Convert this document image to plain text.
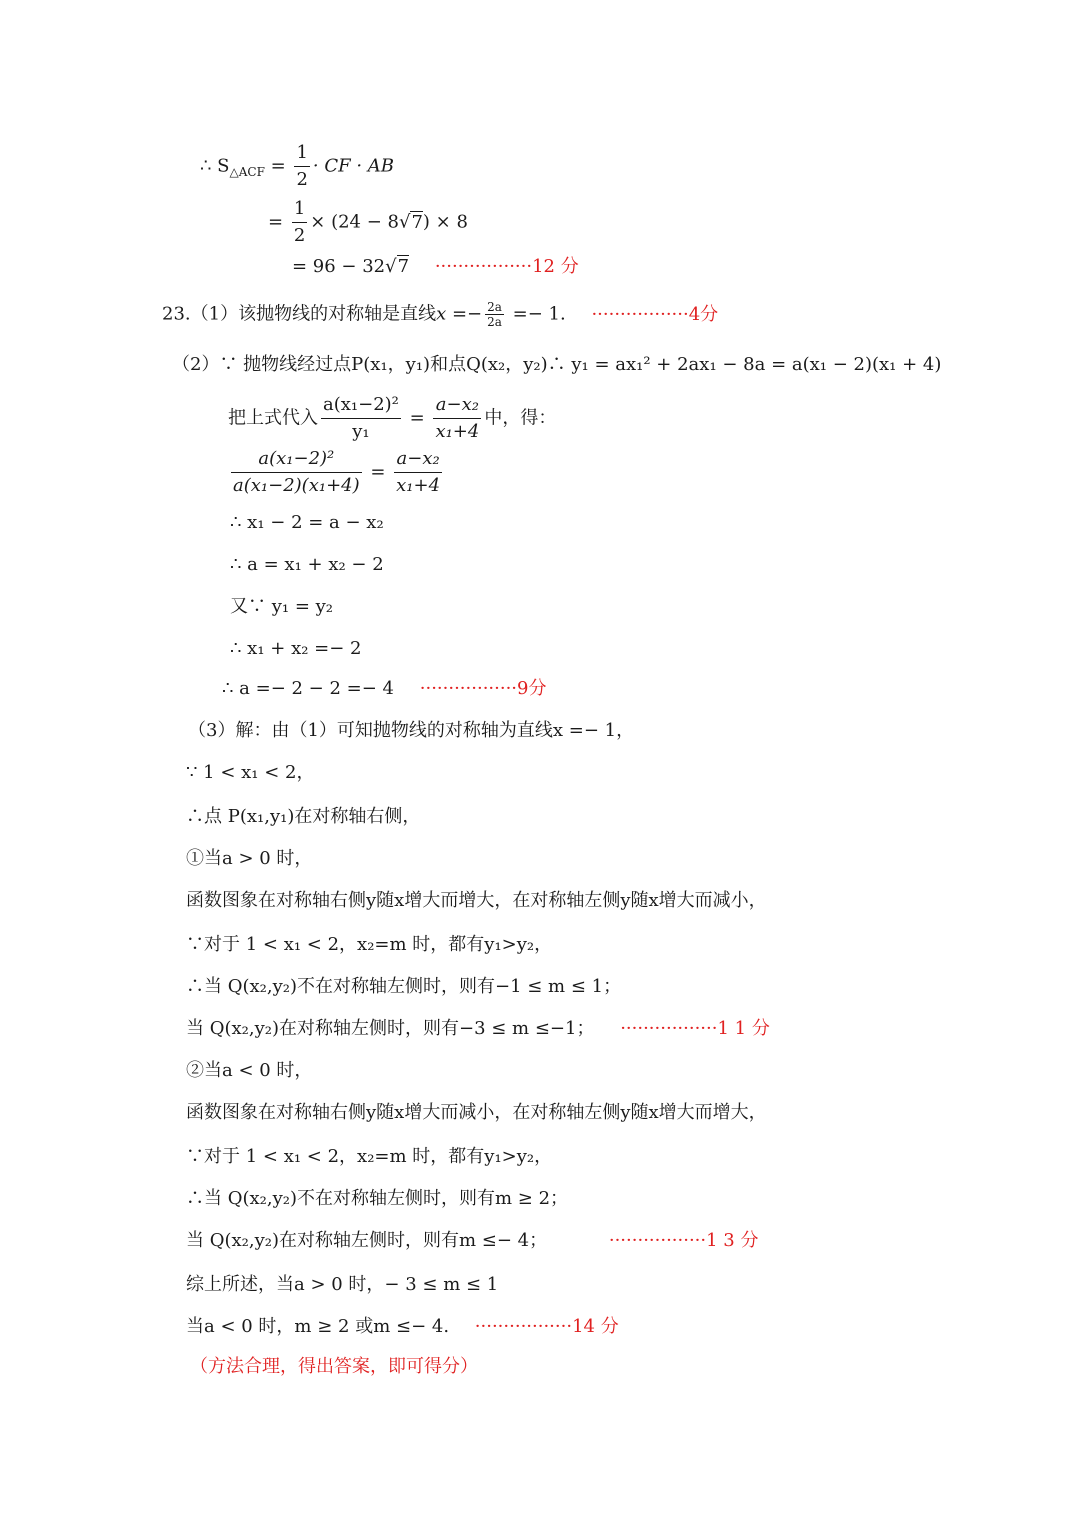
∴ $S_{\triangle ACF} = \frac{1}{2}$ · CF · AB
= $\frac{1}{2} \times (24 - 8√7) \times 8$
= 96 − 32√7 ·················12 分
23.（1）该抛物线的对称轴是直线$x =- \frac{2a}{2a} =- 1$. ·················4分
（2）∵ 抛物线经过点P(x₁，y₁)和点Q(x₂，y₂)∴ y₁ = ax₁² + 2ax₁ − 8a = a(x₁ − 2)(x₁ + 4)
把上式代入 $\frac{\text{a(x₁−2)²}}{\text{y₁}} = \frac{\text{a−x₂}}{\text{x₁+4}}$ 中，得：
$\frac{\text{a(x₁−2)²}}{\text{a(x₁−2)(x₁+4)}} = \frac{\text{a−x₂}}{\text{x₁+4}}$
∴ x₁ − 2 = a − x₂
∴ a = x₁ + x₂ − 2
又∵ y₁ = y₂
∴ x₁ + x₂ =− 2
∴ a =− 2 − 2 =− 4 ·················9分
（3）解：由（1）可知抛物线的对称轴为直线x =− 1，
∵ 1 < x₁ < 2，
∴点 P(x₁,y₁)在对称轴右侧，
①当a > 0 时，
函数图象在对称轴右侧y随x增大而增大，在对称轴左侧y随x增大而减小，
∵对于 1 < x₁ < 2，x₂=m 时，都有y₁>y₂，
∴当 Q(x₂,y₂)不在对称轴左侧时，则有−1 ≤ m ≤ 1；
当 Q(x₂,y₂)在对称轴左侧时，则有−3 ≤ m ≤−1； ·················1 1 分
②当a < 0 时，
函数图象在对称轴右侧y随x增大而减小，在对称轴左侧y随x增大而增大，
∵对于 1 < x₁ < 2，x₂=m 时，都有y₁>y₂，
∴当 Q(x₂,y₂)不在对称轴左侧时，则有m ≥ 2；
当 Q(x₂,y₂)在对称轴左侧时，则有m ≤− 4；	·················1 3 分
综上所述，当a > 0 时，− 3 ≤ m ≤ 1
当a < 0 时，m ≥ 2 或m ≤− 4. ·················14 分
（方法合理，得出答案，即可得分）
